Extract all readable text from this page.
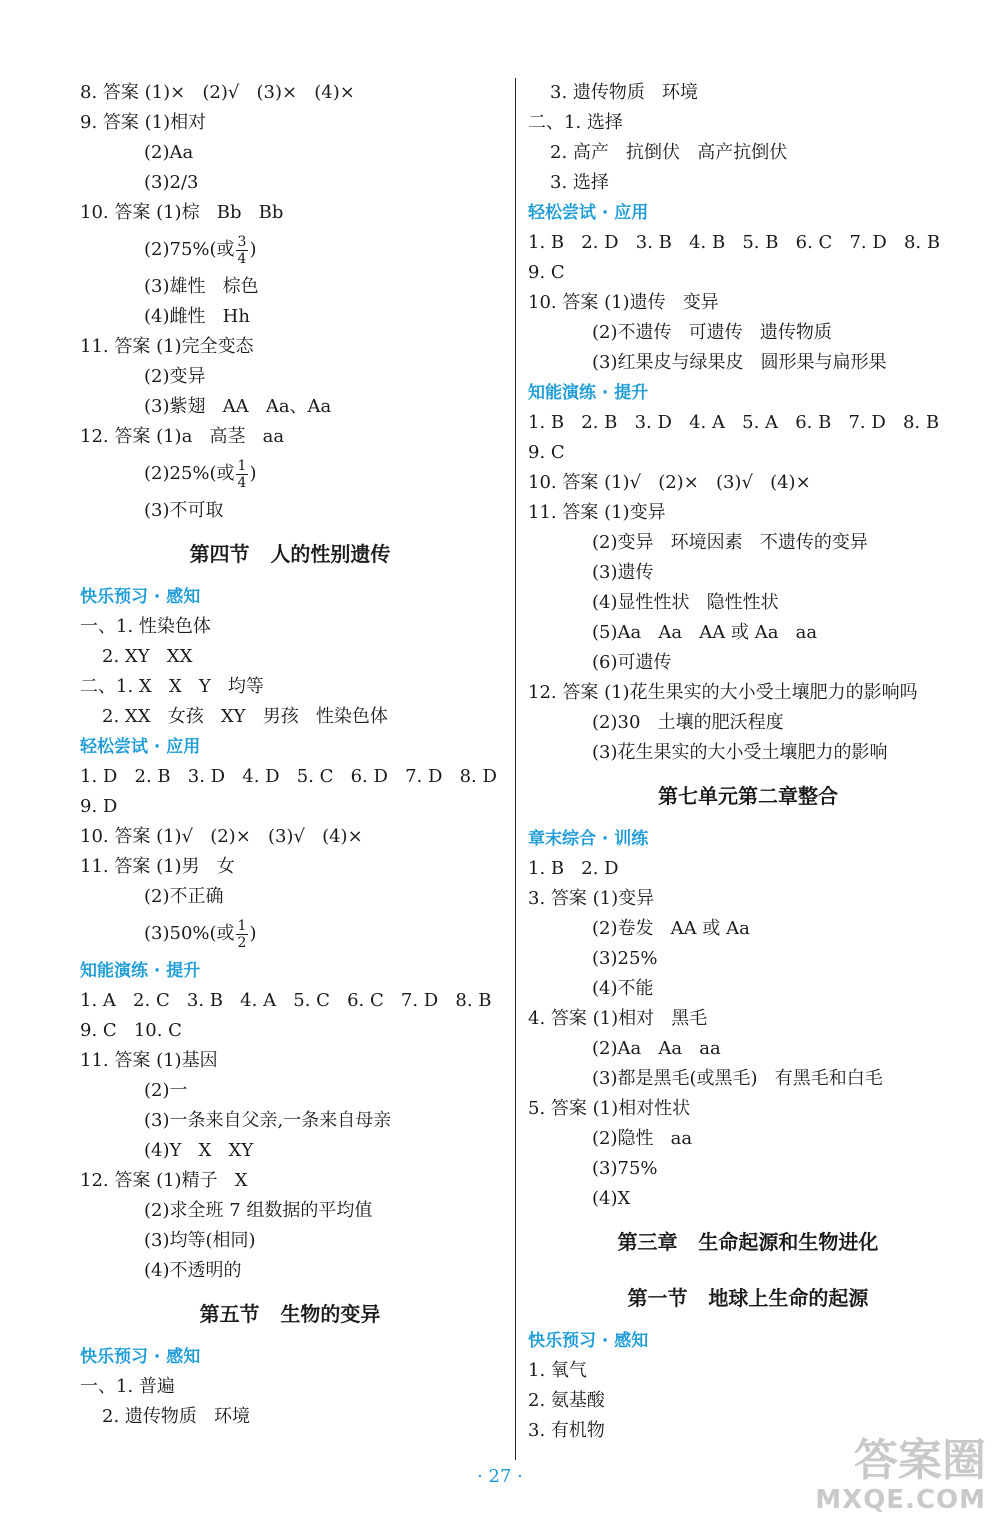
8. 答案 (1)×   (2)√   (3)×   (4)×
9. 答案 (1)相对
(2)Aa
(3)2/3
10. 答案 (1)棕   Bb   Bb
(2)75%(或 $\frac{3}{4}$ )
(3)雄性   棕色
(4)雌性   Hh
11. 答案 (1)完全变态
(2)变异
(3)紫翅   AA   Aa、Aa
12. 答案 (1)a   高茎   aa
(2)25%(或 $\frac{1}{4}$ )
(3)不可取
第四节   人的性别遗传
快乐预习 · 感知
一、1. 性染色体
2. XY   XX
二、1. X   X   Y   均等
2. XX   女孩   XY   男孩   性染色体
轻松尝试 · 应用
1. D   2. B   3. D   4. D   5. C   6. D   7. D   8. D
9. D
10. 答案 (1)√   (2)×   (3)√   (4)×
11. 答案 (1)男   女
(2)不正确
(3)50%(或 $\frac{1}{2}$ )
知能演练 · 提升
1. A   2. C   3. B   4. A   5. C   6. C   7. D   8. B
9. C   10. C
11. 答案 (1)基因
(2)一
(3)一条来自父亲,一条来自母亲
(4)Y   X   XY
12. 答案 (1)精子   X
(2)求全班 7 组数据的平均值
(3)均等(相同)
(4)不透明的
第五节   生物的变异
快乐预习 · 感知
一、1. 普遍
2. 遗传物质   环境
3. 遗传物质   环境
二、1. 选择
2. 高产   抗倒伏   高产抗倒伏
3. 选择
轻松尝试 · 应用
1. B   2. D   3. B   4. B   5. B   6. C   7. D   8. B
9. C
10. 答案 (1)遗传   变异
(2)不遗传   可遗传   遗传物质
(3)红果皮与绿果皮   圆形果与扁形果
知能演练 · 提升
1. B   2. B   3. D   4. A   5. A   6. B   7. D   8. B
9. C
10. 答案 (1)√   (2)×   (3)√   (4)×
11. 答案 (1)变异
(2)变异   环境因素   不遗传的变异
(3)遗传
(4)显性性状   隐性性状
(5)Aa   Aa   AA 或 Aa   aa
(6)可遗传
12. 答案 (1)花生果实的大小受土壤肥力的影响吗
(2)30   土壤的肥沃程度
(3)花生果实的大小受土壤肥力的影响
第七单元第二章整合
章末综合 · 训练
1. B   2. D
3. 答案 (1)变异
(2)卷发   AA 或 Aa
(3)25%
(4)不能
4. 答案 (1)相对   黑毛
(2)Aa   Aa   aa
(3)都是黑毛(或黑毛)   有黑毛和白毛
5. 答案 (1)相对性状
(2)隐性   aa
(3)75%
(4)X
第三章   生命起源和生物进化
第一节   地球上生命的起源
快乐预习 · 感知
1. 氧气
2. 氨基酸
3. 有机物
· 27 ·	答案圈
MXQE.COM
